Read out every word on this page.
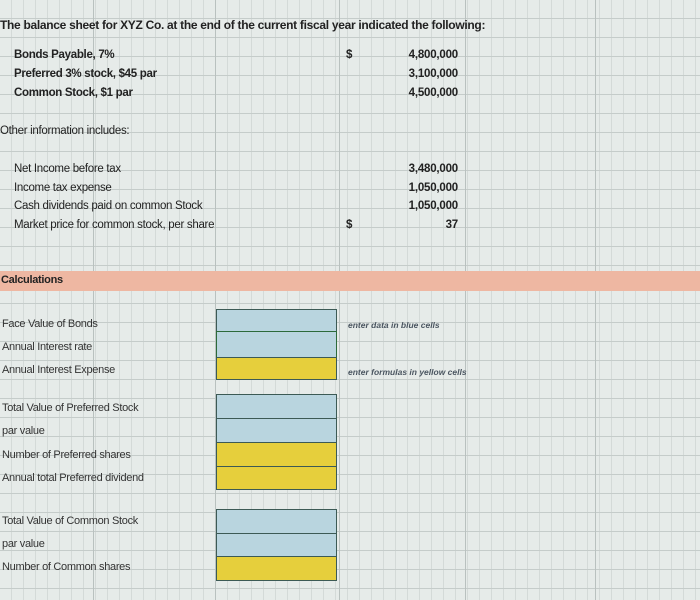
The balance sheet for XYZ Co. at the end of the current fiscal year indicated the following:
Bonds Payable, 7%	$	4,800,000
Preferred 3% stock, $45 par	3,100,000
Common Stock, $1 par	4,500,000
Other information includes:
Net Income before tax	3,480,000
Income tax expense	1,050,000
Cash dividends paid on common Stock	1,050,000
Market price for common stock, per share	$	37
Calculations
Face Value of Bonds
Annual Interest rate
Annual Interest Expense
enter data in blue cells
enter formulas in yellow cells
Total Value of Preferred Stock
par value
Number of Preferred shares
Annual total Preferred dividend
Total Value of Common Stock
par value
Number of Common shares
